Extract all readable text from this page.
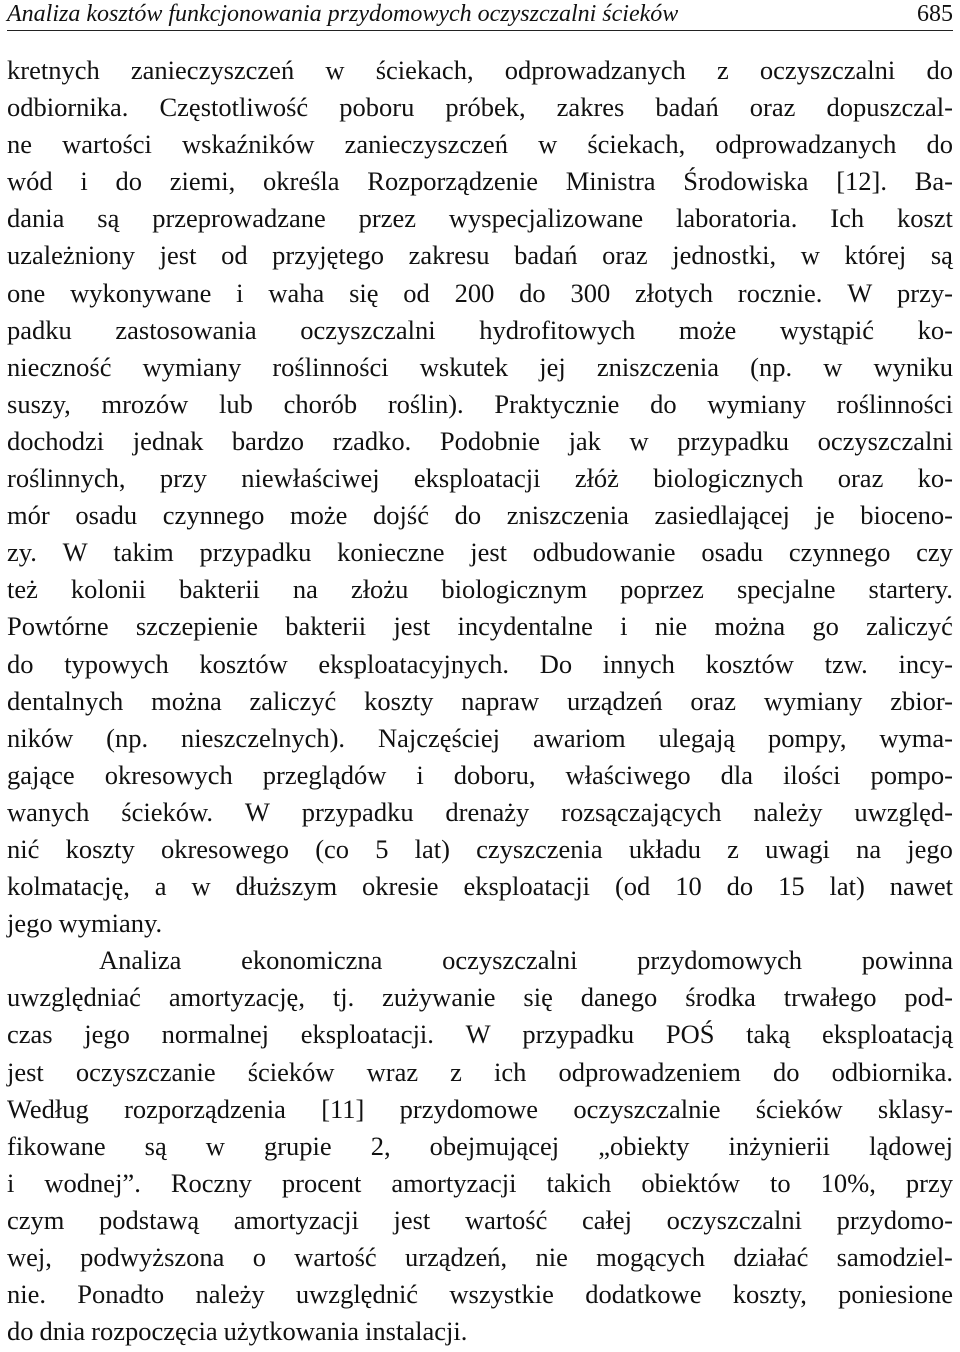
Analiza kosztów funkcjonowania przydomowych oczyszczalni ścieków	685
kretnych zanieczyszczeń w ściekach, odprowadzanych z oczyszczalni do
odbiornika. Częstotliwość poboru próbek, zakres badań oraz dopuszczal-
ne wartości wskaźników zanieczyszczeń w ściekach, odprowadzanych do
wód i do ziemi, określa Rozporządzenie Ministra Środowiska [12]. Ba-
dania są przeprowadzane przez wyspecjalizowane laboratoria. Ich koszt
uzależniony jest od przyjętego zakresu badań oraz jednostki, w której są
one wykonywane i waha się od 200 do 300 złotych rocznie. W przy-
padku zastosowania oczyszczalni hydrofitowych może wystąpić ko-
nieczność wymiany roślinności wskutek jej zniszczenia (np. w wyniku
suszy, mrozów lub chorób roślin). Praktycznie do wymiany roślinności
dochodzi jednak bardzo rzadko. Podobnie jak w przypadku oczyszczalni
roślinnych, przy niewłaściwej eksploatacji złóż biologicznych oraz ko-
mór osadu czynnego może dojść do zniszczenia zasiedlającej je bioceno-
zy. W takim przypadku konieczne jest odbudowanie osadu czynnego czy
też kolonii bakterii na złożu biologicznym poprzez specjalne startery.
Powtórne szczepienie bakterii jest incydentalne i nie można go zaliczyć
do typowych kosztów eksploatacyjnych. Do innych kosztów tzw. incy-
dentalnych można zaliczyć koszty napraw urządzeń oraz wymiany zbior-
ników (np. nieszczelnych). Najczęściej awariom ulegają pompy, wyma-
gające okresowych przeglądów i doboru, właściwego dla ilości pompo-
wanych ścieków. W przypadku drenaży rozsączających należy uwzględ-
nić koszty okresowego (co 5 lat) czyszczenia układu z uwagi na jego
kolmatację, a w dłuższym okresie eksploatacji (od 10 do 15 lat) nawet
jego wymiany.
Analiza ekonomiczna oczyszczalni przydomowych powinna
uwzględniać amortyzację, tj. zużywanie się danego środka trwałego pod-
czas jego normalnej eksploatacji. W przypadku POŚ taką eksploatacją
jest oczyszczanie ścieków wraz z ich odprowadzeniem do odbiornika.
Według rozporządzenia [11] przydomowe oczyszczalnie ścieków sklasy-
fikowane są w grupie 2, obejmującej „obiekty inżynierii lądowej
i wodnej”. Roczny procent amortyzacji takich obiektów to 10%, przy
czym podstawą amortyzacji jest wartość całej oczyszczalni przydomo-
wej, podwyższona o wartość urządzeń, nie mogących działać samodziel-
nie. Ponadto należy uwzględnić wszystkie dodatkowe koszty, poniesione
do dnia rozpoczęcia użytkowania instalacji.
